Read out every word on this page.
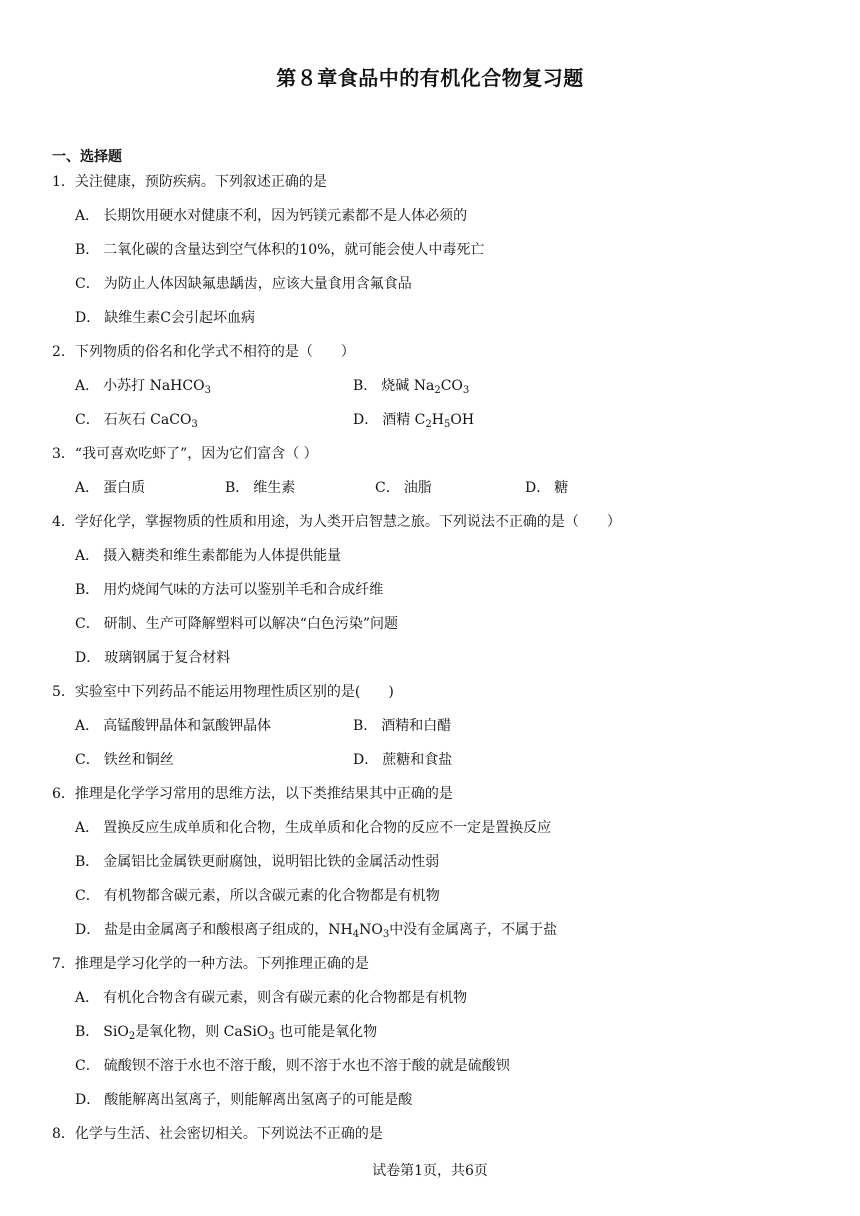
第８章食品中的有机化合物复习题
一、选择题
1．关注健康，预防疾病。下列叙述正确的是
A． 长期饮用硬水对健康不利，因为钙镁元素都不是人体必须的
B． 二氧化碳的含量达到空气体积的10%，就可能会使人中毒死亡
C． 为防止人体因缺氟患龋齿，应该大量食用含氟食品
D． 缺维生素C会引起坏血病
2．下列物质的俗名和化学式不相符的是（　　）
A． 小苏打 NaHCO$_3$	B． 烧碱 $Na_2CO_3$
C． 石灰石 CaCO$_3$	D． 酒精 $C_2H_5OH$
3．“我可喜欢吃虾了”，因为它们富含（ ）
A． 蛋白质	B． 维生素	C． 油脂	D． 糖
4．学好化学，掌握物质的性质和用途，为人类开启智慧之旅。下列说法不正确的是（　　）
A． 摄入糖类和维生素都能为人体提供能量
B． 用灼烧闻气味的方法可以鉴别羊毛和合成纤维
C． 研制、生产可降解塑料可以解决“白色污染”问题
D． 玻璃钢属于复合材料
5．实验室中下列药品不能运用物理性质区别的是(　　)
A． 高锰酸钾晶体和氯酸钾晶体	B． 酒精和白醋
C． 铁丝和铜丝	D． 蔗糖和食盐
6．推理是化学学习常用的思维方法，以下类推结果其中正确的是
A． 置换反应生成单质和化合物，生成单质和化合物的反应不一定是置换反应
B． 金属铝比金属铁更耐腐蚀，说明铝比铁的金属活动性弱
C． 有机物都含碳元素，所以含碳元素的化合物都是有机物
D． 盐是由金属离子和酸根离子组成的，$NH_4NO_3$中没有金属离子，不属于盐
7．推理是学习化学的一种方法。下列推理正确的是
A． 有机化合物含有碳元素，则含有碳元素的化合物都是有机物
B． SiO$_2$是氧化物，则 CaSiO$_3$ 也可能是氧化物
C． 硫酸钡不溶于水也不溶于酸，则不溶于水也不溶于酸的就是硫酸钡
D． 酸能解离出氢离子，则能解离出氢离子的可能是酸
8．化学与生活、社会密切相关。下列说法不正确的是
试卷第1页，共6页
